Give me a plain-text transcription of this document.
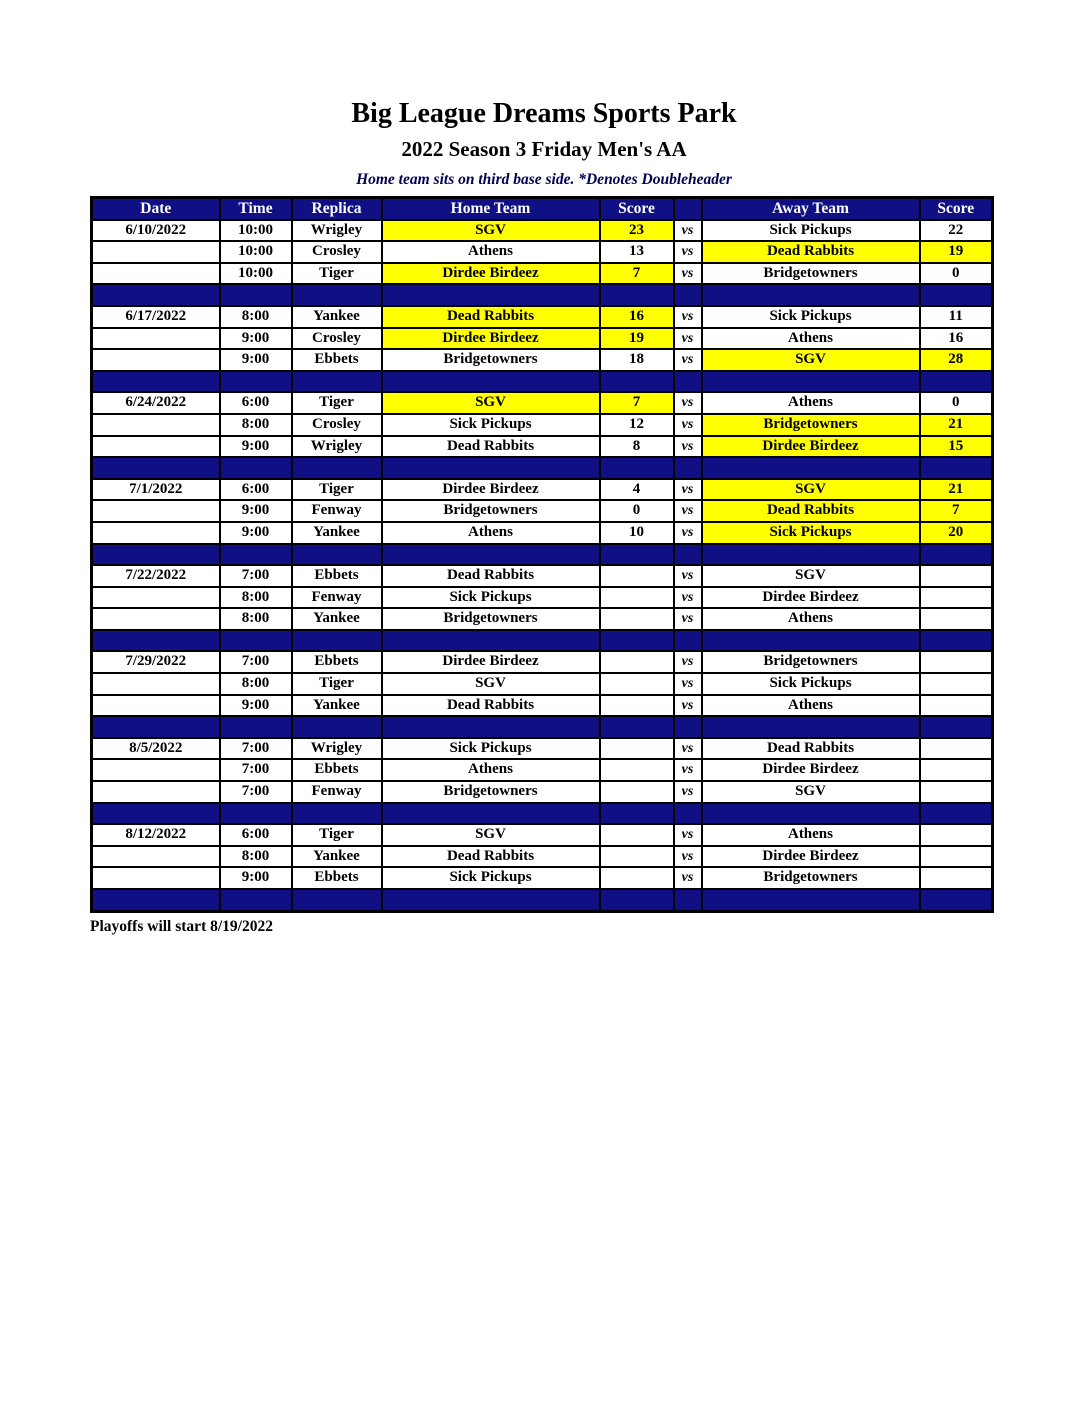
Big League Dreams Sports Park
2022 Season 3 Friday Men's AA
Home team sits on third base side. *Denotes Doubleheader
Date	Time	Replica	Home Team	Score		Away Team	Score
6/10/2022	10:00	Wrigley	SGV	23	vs	Sick Pickups	22
	10:00	Crosley	Athens	13	vs	Dead Rabbits	19
	10:00	Tiger	Dirdee Birdeez	7	vs	Bridgetowners	0

6/17/2022	8:00	Yankee	Dead Rabbits	16	vs	Sick Pickups	11
	9:00	Crosley	Dirdee Birdeez	19	vs	Athens	16
	9:00	Ebbets	Bridgetowners	18	vs	SGV	28

6/24/2022	6:00	Tiger	SGV	7	vs	Athens	0
	8:00	Crosley	Sick Pickups	12	vs	Bridgetowners	21
	9:00	Wrigley	Dead Rabbits	8	vs	Dirdee Birdeez	15

7/1/2022	6:00	Tiger	Dirdee Birdeez	4	vs	SGV	21
	9:00	Fenway	Bridgetowners	0	vs	Dead Rabbits	7
	9:00	Yankee	Athens	10	vs	Sick Pickups	20

7/22/2022	7:00	Ebbets	Dead Rabbits		vs	SGV	
	8:00	Fenway	Sick Pickups		vs	Dirdee Birdeez	
	8:00	Yankee	Bridgetowners		vs	Athens	

7/29/2022	7:00	Ebbets	Dirdee Birdeez		vs	Bridgetowners	
	8:00	Tiger	SGV		vs	Sick Pickups	
	9:00	Yankee	Dead Rabbits		vs	Athens	

8/5/2022	7:00	Wrigley	Sick Pickups		vs	Dead Rabbits	
	7:00	Ebbets	Athens		vs	Dirdee Birdeez	
	7:00	Fenway	Bridgetowners		vs	SGV	

8/12/2022	6:00	Tiger	SGV		vs	Athens	
	8:00	Yankee	Dead Rabbits		vs	Dirdee Birdeez	
	9:00	Ebbets	Sick Pickups		vs	Bridgetowners	

Playoffs will start 8/19/2022
